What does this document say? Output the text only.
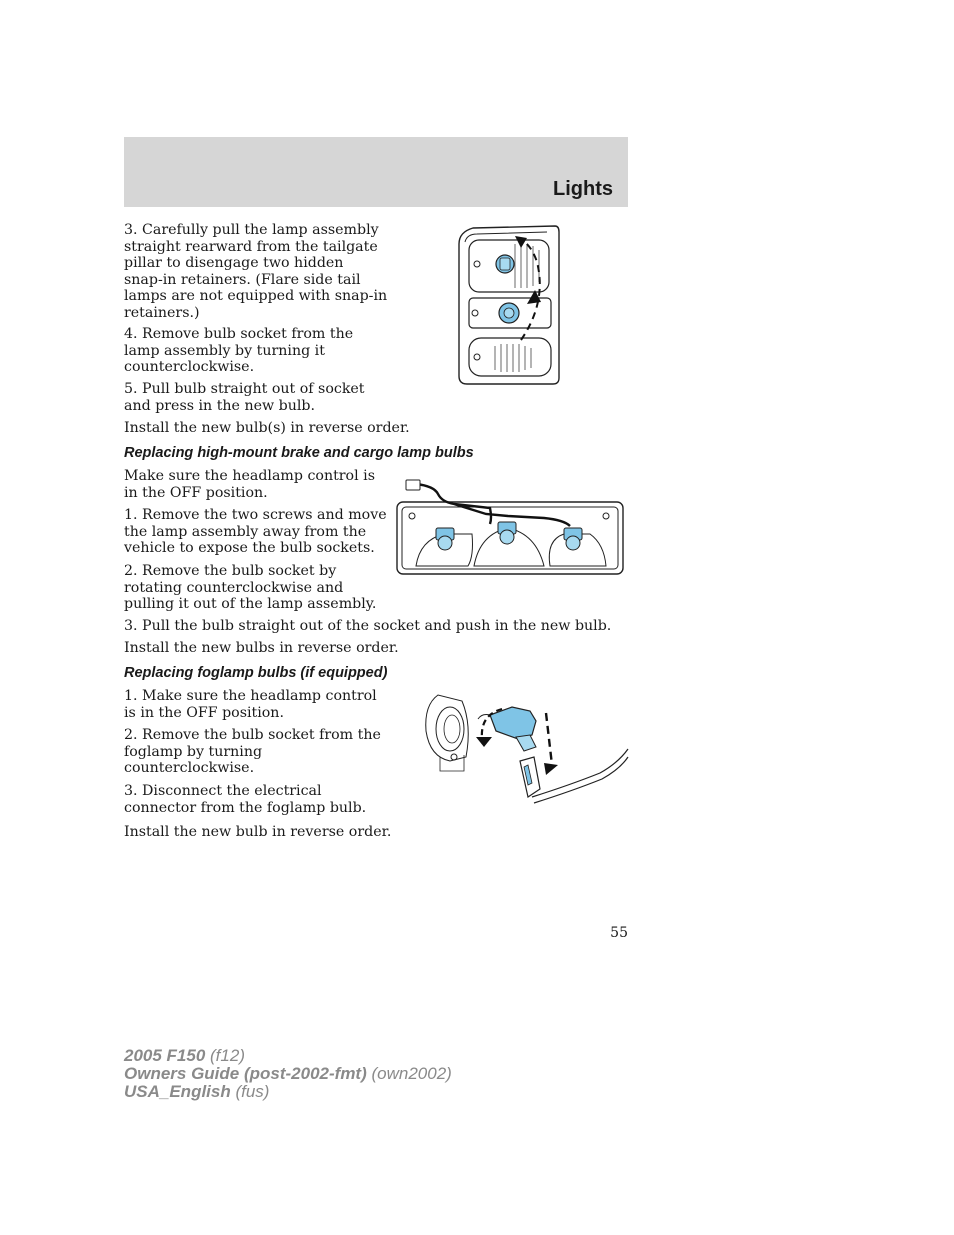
Lights
3. Carefully pull the lamp assembly
straight rearward from the tailgate
pillar to disengage two hidden
snap-in retainers. (Flare side tail
lamps are not equipped with snap-in
retainers.)
4. Remove bulb socket from the
lamp assembly by turning it
counterclockwise.
5. Pull bulb straight out of socket
and press in the new bulb.
Install the new bulb(s) in reverse order.
Replacing high-mount brake and cargo lamp bulbs
Make sure the headlamp control is
in the OFF position.
1. Remove the two screws and move
the lamp assembly away from the
vehicle to expose the bulb sockets.
2. Remove the bulb socket by
rotating counterclockwise and
pulling it out of the lamp assembly.
3. Pull the bulb straight out of the socket and push in the new bulb.
Install the new bulbs in reverse order.
Replacing foglamp bulbs (if equipped)
1. Make sure the headlamp control
is in the OFF position.
2. Remove the bulb socket from the
foglamp by turning
counterclockwise.
3. Disconnect the electrical
connector from the foglamp bulb.
Install the new bulb in reverse order.
55
2005 F150 (f12)
Owners Guide (post-2002-fmt) (own2002)
USA_English (fus)
